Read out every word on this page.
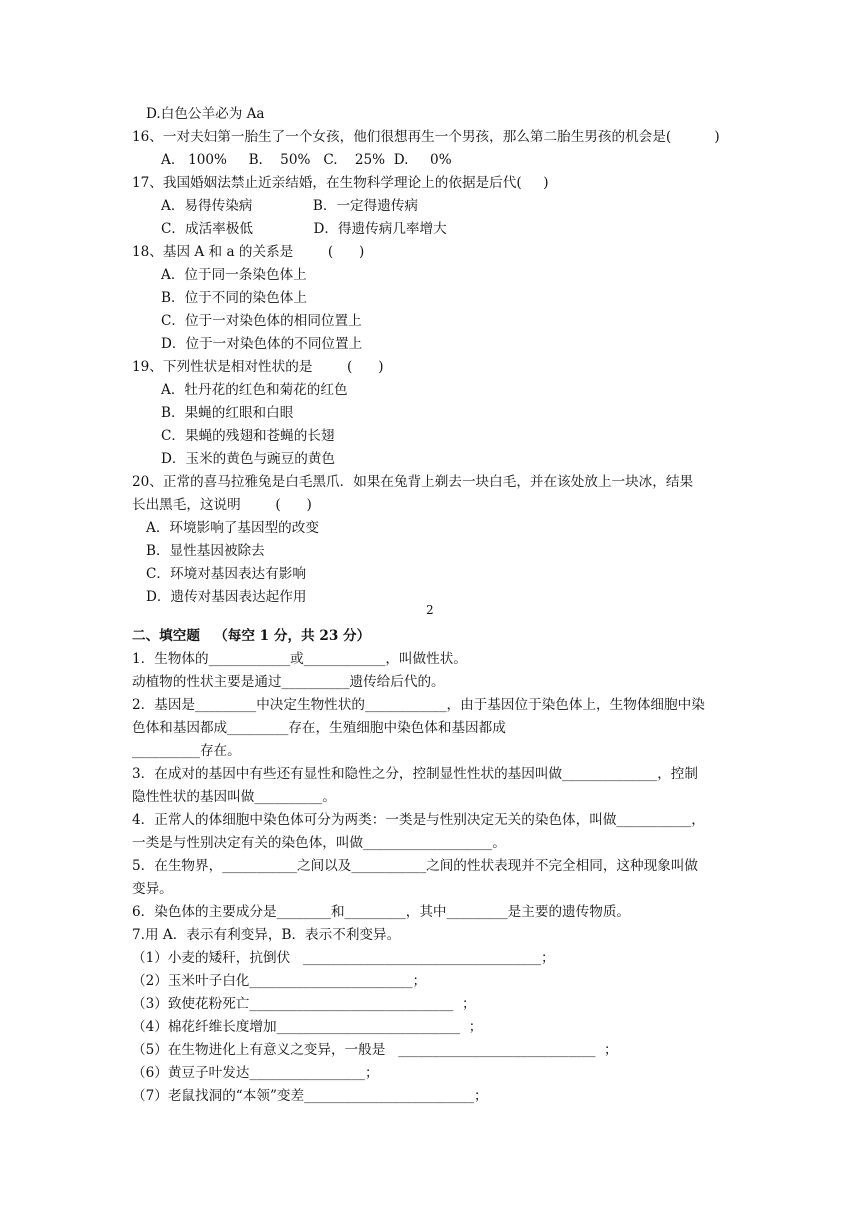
D.白色公羊必为 Aa
16、一对夫妇第一胎生了一个女孩，他们很想再生一个男孩，那么第二胎生男孩的机会是(          )
A.   100%     B.    50%   C.    25%  D.     0%
17、我国婚姻法禁止近亲结婚，在生物科学理论上的依据是后代(     )
A．易得传染病              B．一定得遗传病
C．成活率极低              D．得遗传病几率增大
18、基因 A 和 a 的关系是        (      )
A．位于同一条染色体上
B．位于不同的染色体上
C．位于一对染色体的相同位置上
D．位于一对染色体的不同位置上
19、下列性状是相对性状的是        (      )
A．牡丹花的红色和菊花的红色
B．果蝇的红眼和白眼
C．果蝇的残翅和苍蝇的长翅
D．玉米的黄色与豌豆的黄色
20、正常的喜马拉雅兔是白毛黑爪．如果在兔背上剃去一块白毛，并在该处放上一块冰，结果
长出黑毛，这说明        (      )
A．环境影响了基因型的改变
B．显性基因被除去
C．环境对基因表达有影响
D．遗传对基因表达起作用
2
二、填空题   （每空 1 分，共 23 分）
1．生物体的____________或____________，叫做性状。
动植物的性状主要是通过__________遗传给后代的。
2．基因是_________中决定生物性状的____________，由于基因位于染色体上，生物体细胞中染
色体和基因都成_________存在，生殖细胞中染色体和基因都成
__________存在。
3．在成对的基因中有些还有显性和隐性之分，控制显性性状的基因叫做______________，控制
隐性性状的基因叫做__________。
4．正常人的体细胞中染色体可分为两类：一类是与性别决定无关的染色体，叫做___________，
一类是与性别决定有关的染色体，叫做___________________。
5．在生物界，___________之间以及___________之间的性状表现并不完全相同，这种现象叫做
变异。
6．染色体的主要成分是________和_________，其中_________是主要的遗传物质。
7.用 A．表示有利变异，B．表示不利变异。
（1）小麦的矮秆，抗倒伏   ___________________________________；
（2）玉米叶子白化________________________；
（3）致使花粉死亡______________________________  ；
（4）棉花纤维长度增加___________________________  ；
（5）在生物进化上有意义之变异，一般是   _____________________________  ；
（6）黄豆子叶发达_________________；
（7）老鼠找洞的“本领”变差_________________________；
